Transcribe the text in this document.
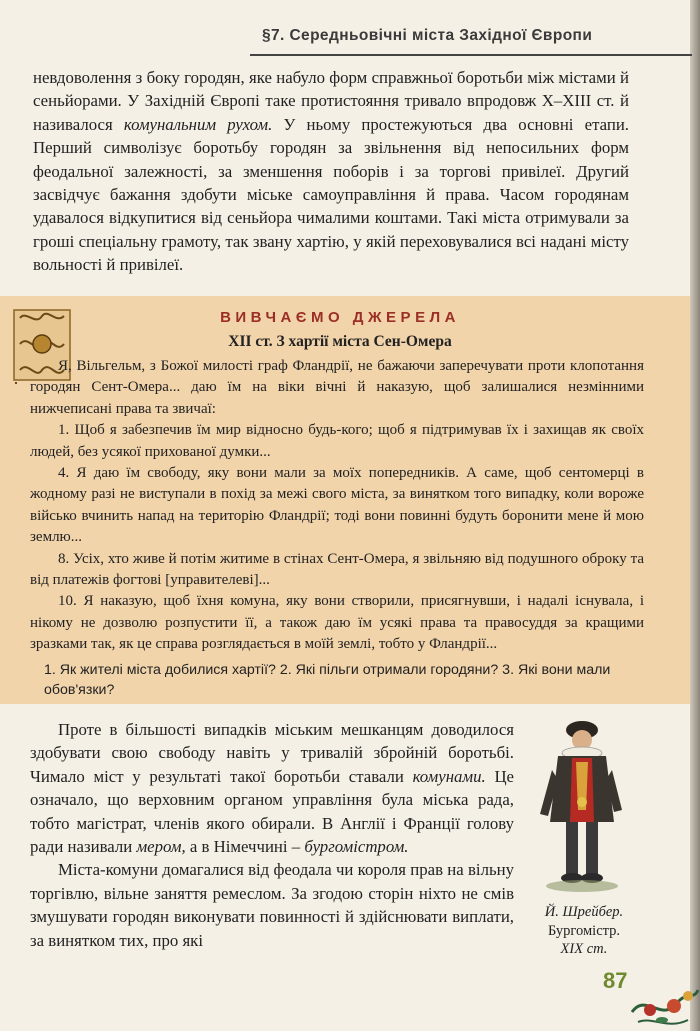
§7. Середньовічні міста Західної Європи

невдоволення з боку городян, яке набуло форм справжньої боротьби між містами й сеньйорами. У Західній Європі таке протистояння тривало впродовж Х–ХІІІ ст. й називалося комунальним рухом. У ньому простежуються два основні етапи. Перший символізує боротьбу городян за звільнення від непосильних форм феодальної залежності, за зменшення поборів і за торгові привілеї. Другий засвідчує бажання здобути міське самоуправління й права. Часом городянам удавалося відкупитися від сеньйора чималими коштами. Такі міста отримували за гроші спеціальну грамоту, так звану хартію, у якій переховувалися всі надані місту вольності й привілеї.

ВИВЧАЄМО ДЖЕРЕЛА
ХІІ ст. З хартії міста Сен-Омера

Я, Вільгельм, з Божої милості граф Фландрії, не бажаючи заперечувати проти клопотання городян Сент-Омера... даю їм на віки вічні й наказую, щоб залишалися незмінними нижчеписані права та звичаї:

1. Щоб я забезпечив їм мир відносно будь-кого; щоб я підтримував їх і захищав як своїх людей, без усякої прихованої думки...

4. Я даю їм свободу, яку вони мали за моїх попередників. А саме, щоб сентомерці в жодному разі не виступали в похід за межі свого міста, за винятком того випадку, коли вороже військо вчинить напад на територію Фландрії; тоді вони повинні будуть боронити мене й мою землю...

8. Усіх, хто живе й потім житиме в стінах Сент-Омера, я звільняю від подушного оброку та від платежів фогтові [управителеві]...

10. Я наказую, щоб їхня комуна, яку вони створили, присягнувши, і надалі існувала, і нікому не дозволю розпустити її, а також даю їм усякі права та правосуддя за кращими зразками так, як це справа розглядається в моїй землі, тобто у Фландрії...

1. Як жителі міста добилися хартії? 2. Які пільги отримали городяни? 3. Які вони мали обов'язки?

Проте в більшості випадків міським мешканцям доводилося здобувати свою свободу навіть у тривалій збройній боротьбі. Чимало міст у результаті такої боротьби ставали комунами. Це означало, що верховним органом управління була міська рада, тобто магістрат, членів якого обирали. В Англії і Франції голову ради називали мером, а в Німеччині – бургомістром.

Міста-комуни домагалися від феодала чи короля прав на вільну торгівлю, вільне заняття ремеслом. За згодою сторін ніхто не смів змушувати городян виконувати повинності й здійснювати виплати, за винятком тих, про які

Й. Шрейбер.
Бургомістр.
ХІХ ст.
87
